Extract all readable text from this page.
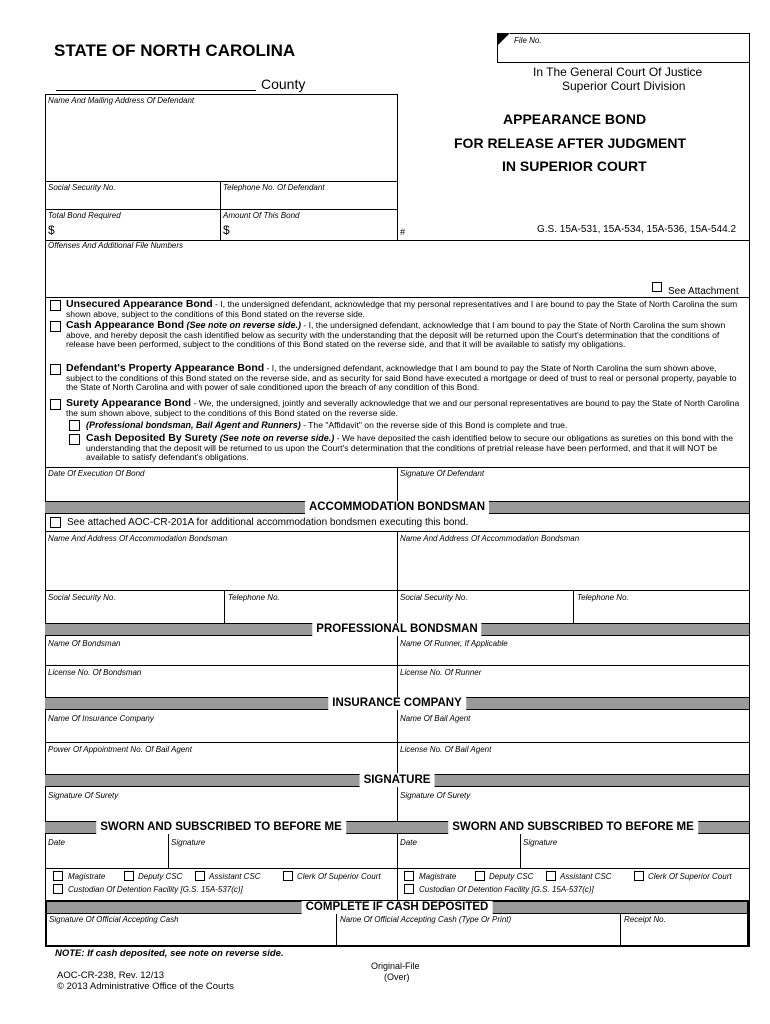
STATE OF NORTH CAROLINA
County
File No.
In The General Court Of Justice
Superior Court Division
Name And Mailing Address Of Defendant
APPEARANCE BOND
FOR RELEASE AFTER JUDGMENT
IN SUPERIOR COURT
Social Security No.	Telephone No. Of Defendant
Total Bond Required	Amount Of This Bond
$	$	#	G.S. 15A-531, 15A-534, 15A-536, 15A-544.2
Offenses And Additional File Numbers
See Attachment
Unsecured Appearance Bond - I, the undersigned defendant, acknowledge that my personal representatives and I are bound to pay the State of North Carolina the sum shown above, subject to the conditions of this Bond stated on the reverse side.
Cash Appearance Bond (See note on reverse side.) - I, the undersigned defendant, acknowledge that I am bound to pay the State of North Carolina the sum shown above, and hereby deposit the cash identified below as security with the understanding that the deposit will be returned upon the Court's determination that the conditions of release have been performed, subject to the conditions of this Bond stated on the reverse side, and that it will be available to satisfy my obligations.
Defendant's Property Appearance Bond - I, the undersigned defendant, acknowledge that I am bound to pay the State of North Carolina the sum shown above, subject to the conditions of this Bond stated on the reverse side, and as security for said Bond have executed a mortgage or deed of trust to real or personal property, payable to the State of North Carolina and with power of sale conditioned upon the breach of any condition of this Bond.
Surety Appearance Bond - We, the undersigned, jointly and severally acknowledge that we and our personal representatives are bound to pay the State of North Carolina the sum shown above, subject to the conditions of this Bond stated on the reverse side.
(Professional bondsman, Bail Agent and Runners) - The "Affidavit" on the reverse side of this Bond is complete and true.
Cash Deposited By Surety (See note on reverse side.) - We have deposited the cash identified below to secure our obligations as sureties on this bond with the understanding that the deposit will be returned to us upon the Court's determination that the conditions of pretrial release have been performed, and that it will NOT be available to satisfy defendant's obligations.
Date Of Execution Of Bond	Signature Of Defendant
ACCOMMODATION BONDSMAN
See attached AOC-CR-201A for additional accommodation bondsmen executing this bond.
Name And Address Of Accommodation Bondsman	Name And Address Of Accommodation Bondsman
Social Security No.	Telephone No.	Social Security No.	Telephone No.
PROFESSIONAL BONDSMAN
Name Of Bondsman	Name Of Runner, If Applicable
License No. Of Bondsman	License No. Of Runner
INSURANCE COMPANY
Name Of Insurance Company	Name Of Bail Agent
Power Of Appointment No. Of Bail Agent	License No. Of Bail Agent
SIGNATURE
Signature Of Surety	Signature Of Surety
SWORN AND SUBSCRIBED TO BEFORE ME	SWORN AND SUBSCRIBED TO BEFORE ME
Date	Signature	Date	Signature
Magistrate	Deputy CSC	Assistant CSC	Clerk Of Superior Court
Custodian Of Detention Facility [G.S. 15A-537(c)]
Magistrate	Deputy CSC	Assistant CSC	Clerk Of Superior Court
Custodian Of Detention Facility [G.S. 15A-537(c)]
COMPLETE IF CASH DEPOSITED
Signature Of Official Accepting Cash	Name Of Official Accepting Cash (Type Or Print)	Receipt No.
NOTE: If cash deposited, see note on reverse side.
Original-File
(Over)
AOC-CR-238, Rev. 12/13
© 2013 Administrative Office of the Courts
